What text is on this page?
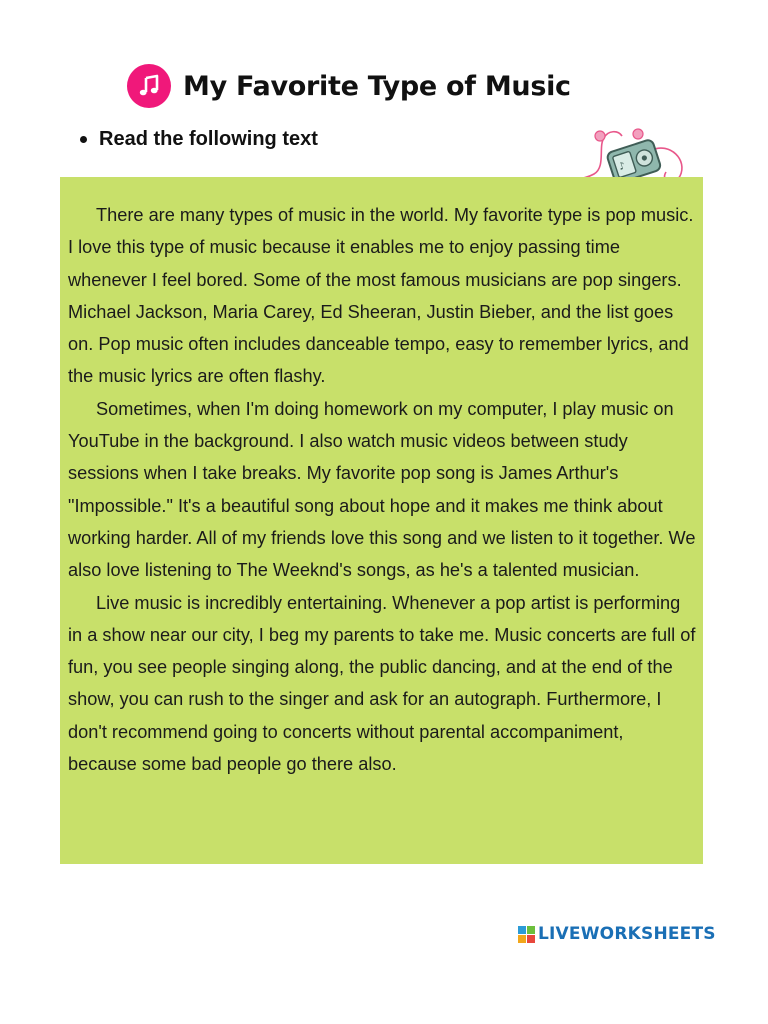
My Favorite Type of Music
Read the following text
♪

There are many types of music in the world. My favorite type is pop music. I love this type of music because it enables me to enjoy passing time whenever I feel bored. Some of the most famous musicians are pop singers. Michael Jackson, Maria Carey, Ed Sheeran, Justin Bieber, and the list goes on. Pop music often includes danceable tempo, easy to remember lyrics, and the music lyrics are often flashy.

Sometimes, when I'm doing homework on my computer, I play music on YouTube in the background. I also watch music videos between study sessions when I take breaks. My favorite pop song is James Arthur's "Impossible." It's a beautiful song about hope and it makes me think about working harder. All of my friends love this song and we listen to it together. We also love listening to The Weeknd's songs, as he's a talented musician.

Live music is incredibly entertaining. Whenever a pop artist is performing in a show near our city, I beg my parents to take me. Music concerts are full of fun, you see people singing along, the public dancing, and at the end of the show, you can rush to the singer and ask for an autograph. Furthermore, I don't recommend going to concerts without parental accompaniment, because some bad people go there also.

LIVEWORKSHEETS
